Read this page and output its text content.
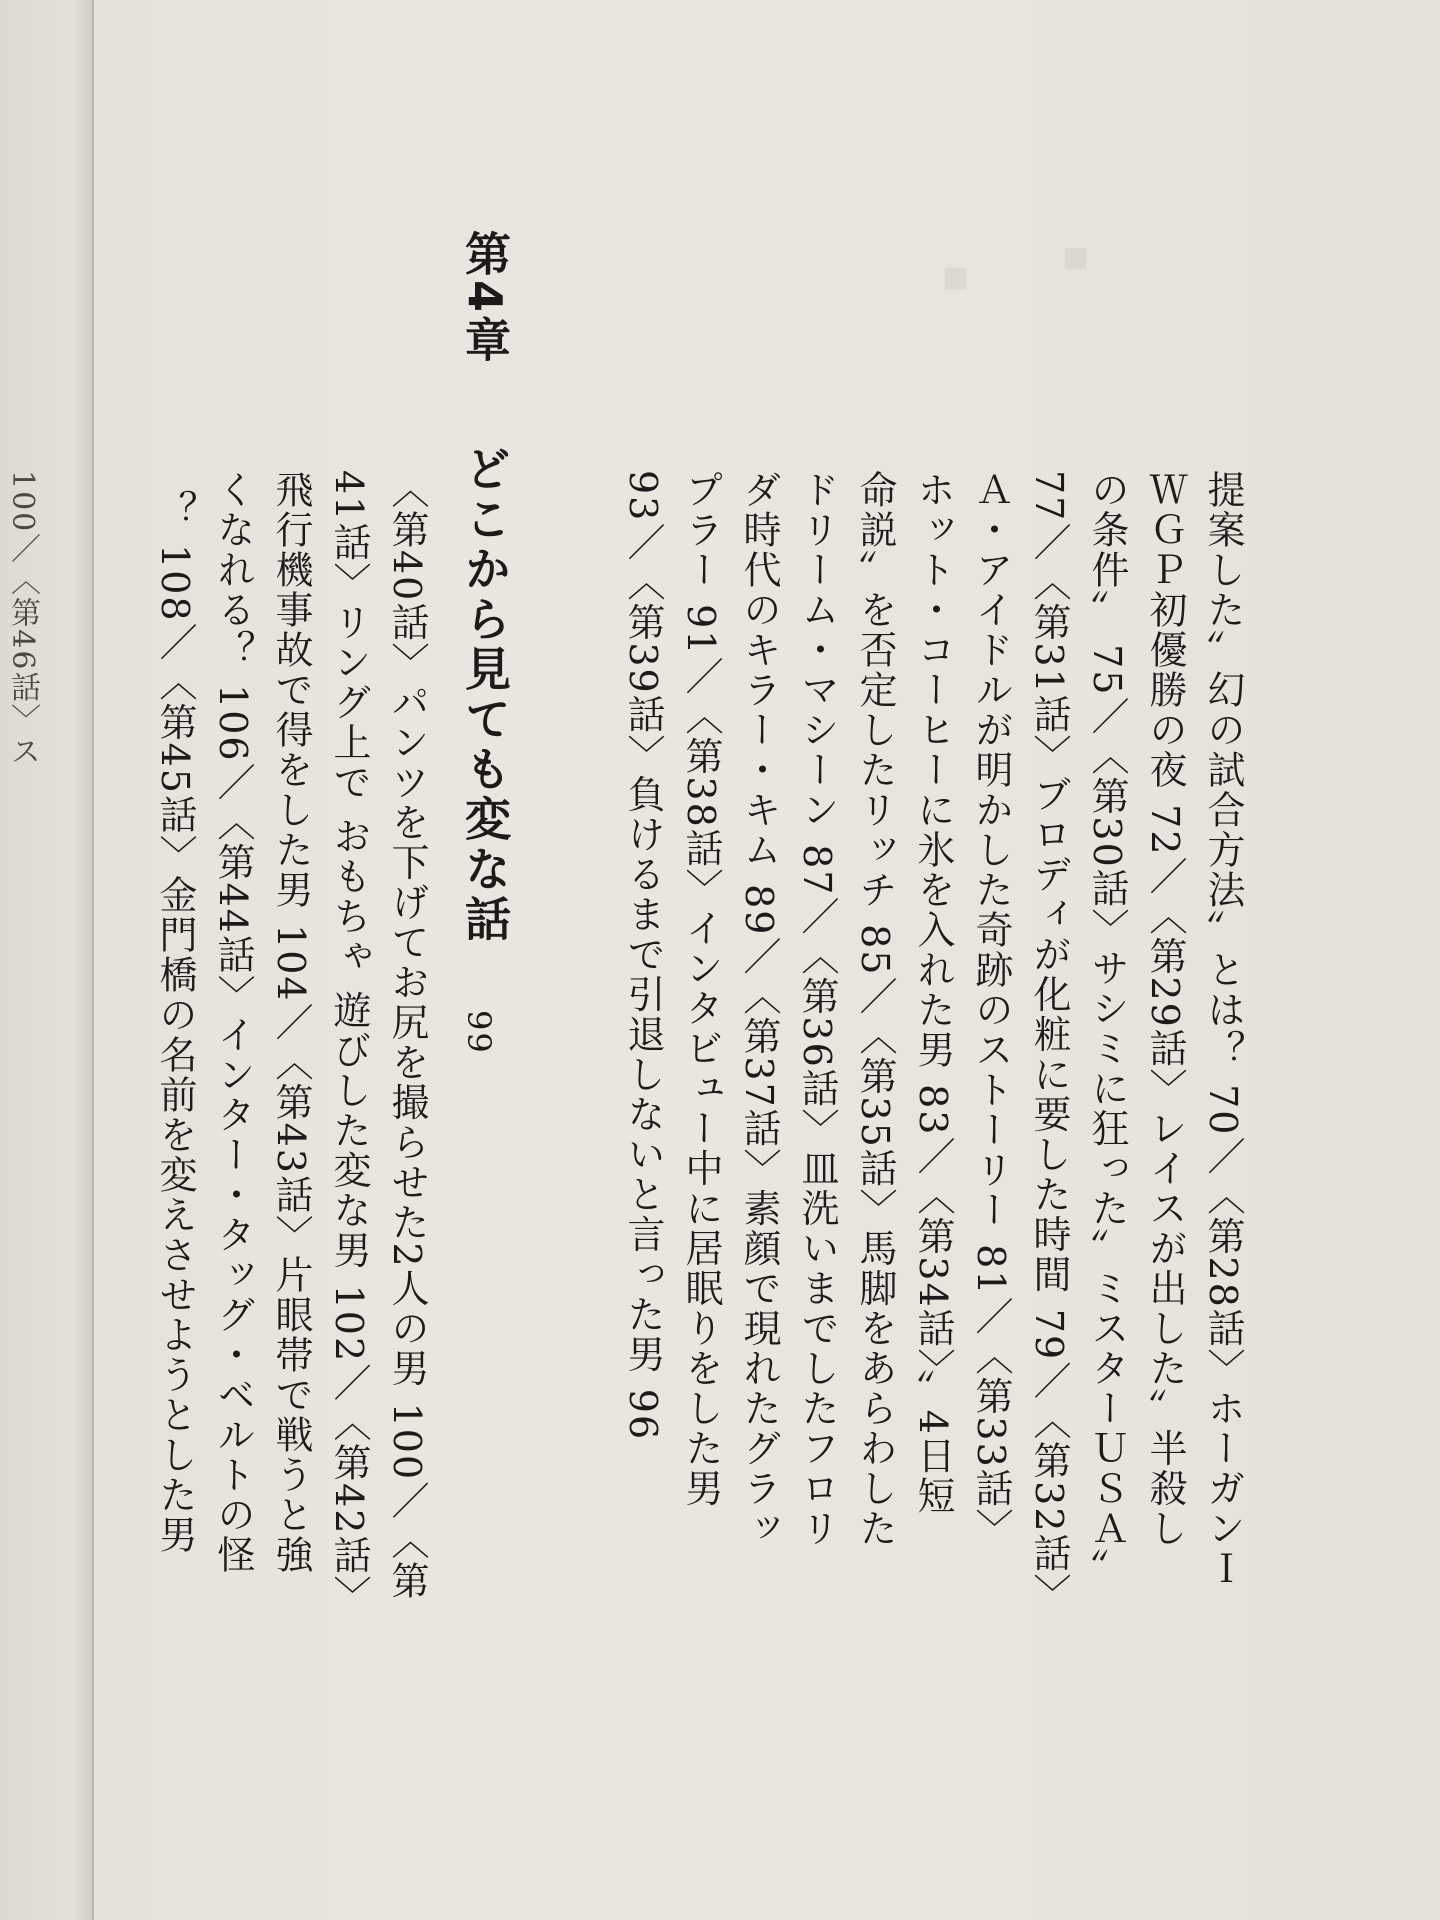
100／〈第46話〉ス
▪
▪
第4章
どこから見ても変な話
99	提案した〞幻の試合方法〞とは？ 70／〈第28話〉ホーガンＩ
ＷＧＰ初優勝の夜 72／〈第29話〉レイスが出した〞半殺し
の条件〞 75／〈第30話〉サシミに狂った〞ミスターＵＳＡ〞
77／〈第31話〉ブロディが化粧に要した時間 79／〈第32話〉
Ａ・アイドルが明かした奇跡のストーリー 81／〈第33話〉
ホット・コーヒーに氷を入れた男 83／〈第34話〉〞4日短
命説〞を否定したリッチ 85／〈第35話〉馬脚をあらわした
ドリーム・マシーン 87／〈第36話〉皿洗いまでしたフロリ
ダ時代のキラー・キム 89／〈第37話〉素顔で現れたグラッ
プラー 91／〈第38話〉インタビュー中に居眠りをした男
93／〈第39話〉負けるまで引退しないと言った男 96
〈第40話〉パンツを下げてお尻を撮らせた2人の男 100／〈第
41話〉リング上で おもちゃ 遊びした変な男 102／〈第42話〉
飛行機事故で得をした男 104／〈第43話〉片眼帯で戦うと強
くなれる？ 106／〈第44話〉インター・タッグ・ベルトの怪
？ 108／〈第45話〉金門橋の名前を変えさせようとした男
